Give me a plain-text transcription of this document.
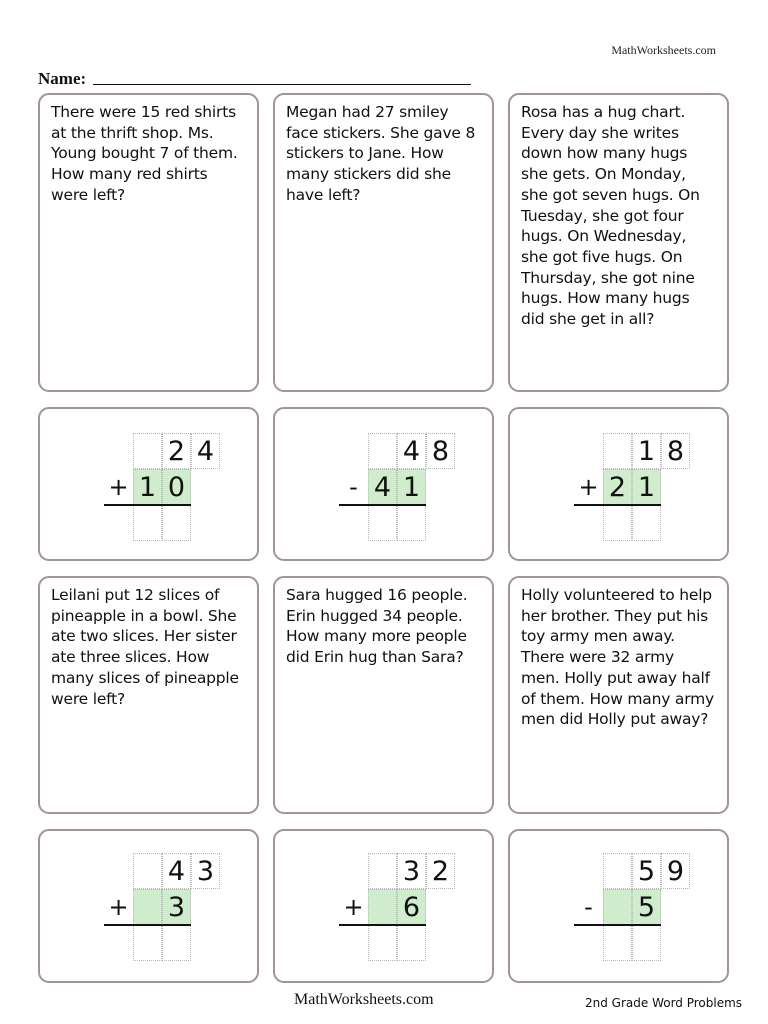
MathWorksheets.com
Name:
There were 15 red shirts at the thrift shop. Ms. Young bought 7 of them. How many red shirts were left?
Megan had 27 smiley face stickers. She gave 8 stickers to Jane. How many stickers did she have left?
Rosa has a hug chart. Every day she writes down how many hugs she gets. On Monday, she got seven hugs. On Tuesday, she got four hugs. On Wednesday, she got five hugs. On Thursday, she got nine hugs. How many hugs did she get in all?
2 4
+ 1 0
4 8
- 4 1
1 8
+ 2 1
Leilani put 12 slices of pineapple in a bowl. She ate two slices. Her sister ate three slices. How many slices of pineapple were left?
Sara hugged 16 people. Erin hugged 34 people. How many more people did Erin hug than Sara?
Holly volunteered to help her brother. They put his toy army men away. There were 32 army men. Holly put away half of them. How many army men did Holly put away?
4 3
+ 3
3 2
+ 6
5 9
-	5
MathWorksheets.com	2nd Grade Word Problems
